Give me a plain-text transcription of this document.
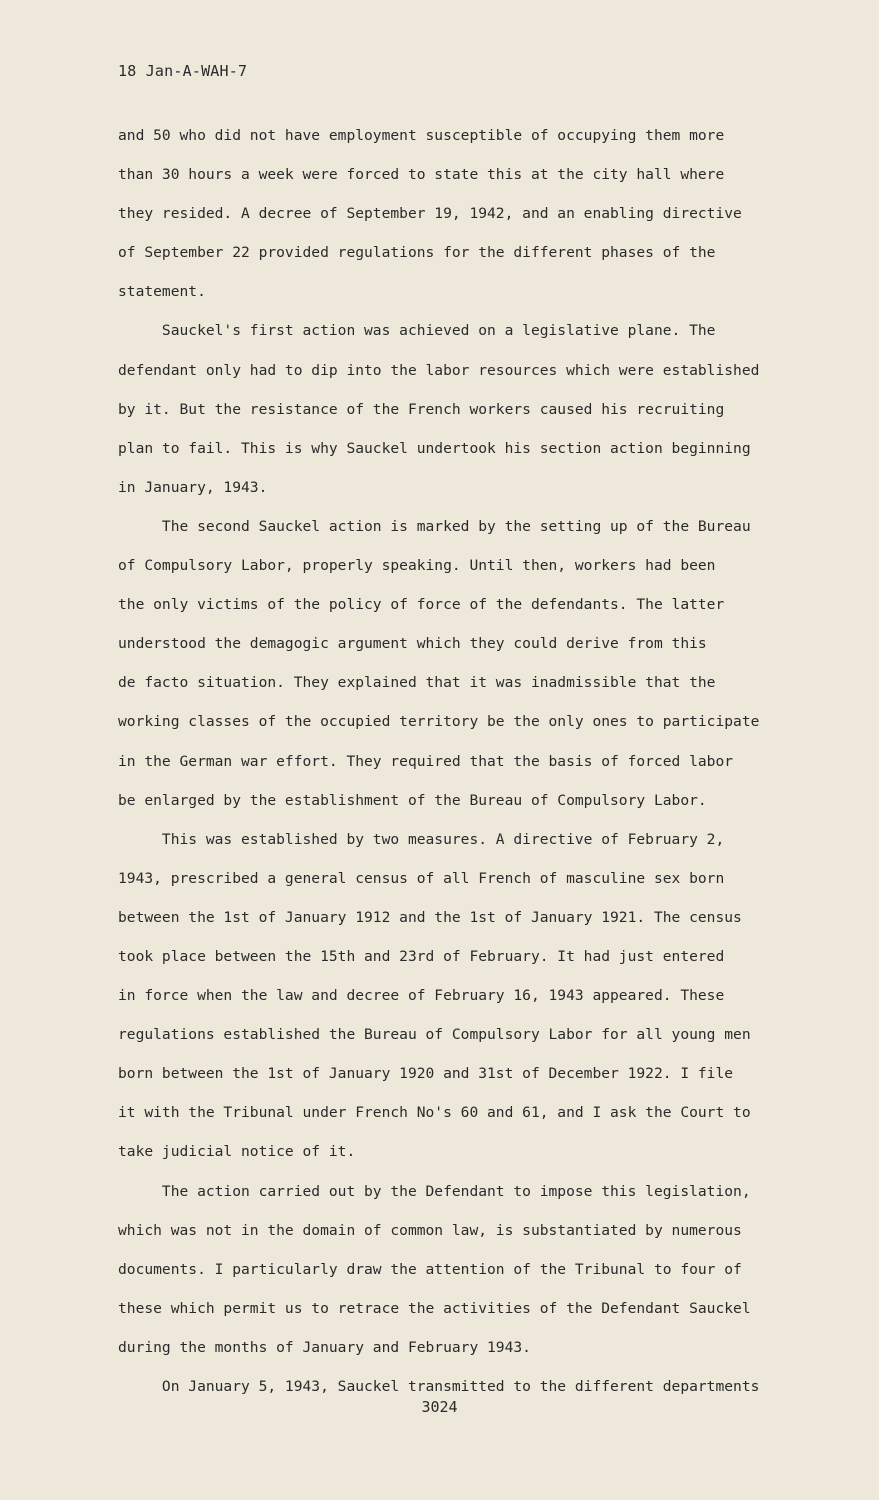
18 Jan-A-WAH-7
and 50 who did not have employment susceptible of occupying them more
than 30 hours a week were forced to state this at the city hall where
they resided. A decree of September 19, 1942, and an enabling directive
of September 22 provided regulations for the different phases of the
statement.
Sauckel's first action was achieved on a legislative plane. The
defendant only had to dip into the labor resources which were established
by it. But the resistance of the French workers caused his recruiting
plan to fail. This is why Sauckel undertook his section action beginning
in January, 1943.
The second Sauckel action is marked by the setting up of the Bureau
of Compulsory Labor, properly speaking. Until then, workers had been
the only victims of the policy of force of the defendants. The latter
understood the demagogic argument which they could derive from this
de facto situation. They explained that it was inadmissible that the
working classes of the occupied territory be the only ones to participate
in the German war effort. They required that the basis of forced labor
be enlarged by the establishment of the Bureau of Compulsory Labor.
This was established by two measures. A directive of February 2,
1943, prescribed a general census of all French of masculine sex born
between the 1st of January 1912 and the 1st of January 1921. The census
took place between the 15th and 23rd of February. It had just entered
in force when the law and decree of February 16, 1943 appeared. These
regulations established the Bureau of Compulsory Labor for all young men
born between the 1st of January 1920 and 31st of December 1922. I file
it with the Tribunal under French No's 60 and 61, and I ask the Court to
take judicial notice of it.
The action carried out by the Defendant to impose this legislation,
which was not in the domain of common law, is substantiated by numerous
documents. I particularly draw the attention of the Tribunal to four of
these which permit us to retrace the activities of the Defendant Sauckel
during the months of January and February 1943.
On January 5, 1943, Sauckel transmitted to the different departments
3024
